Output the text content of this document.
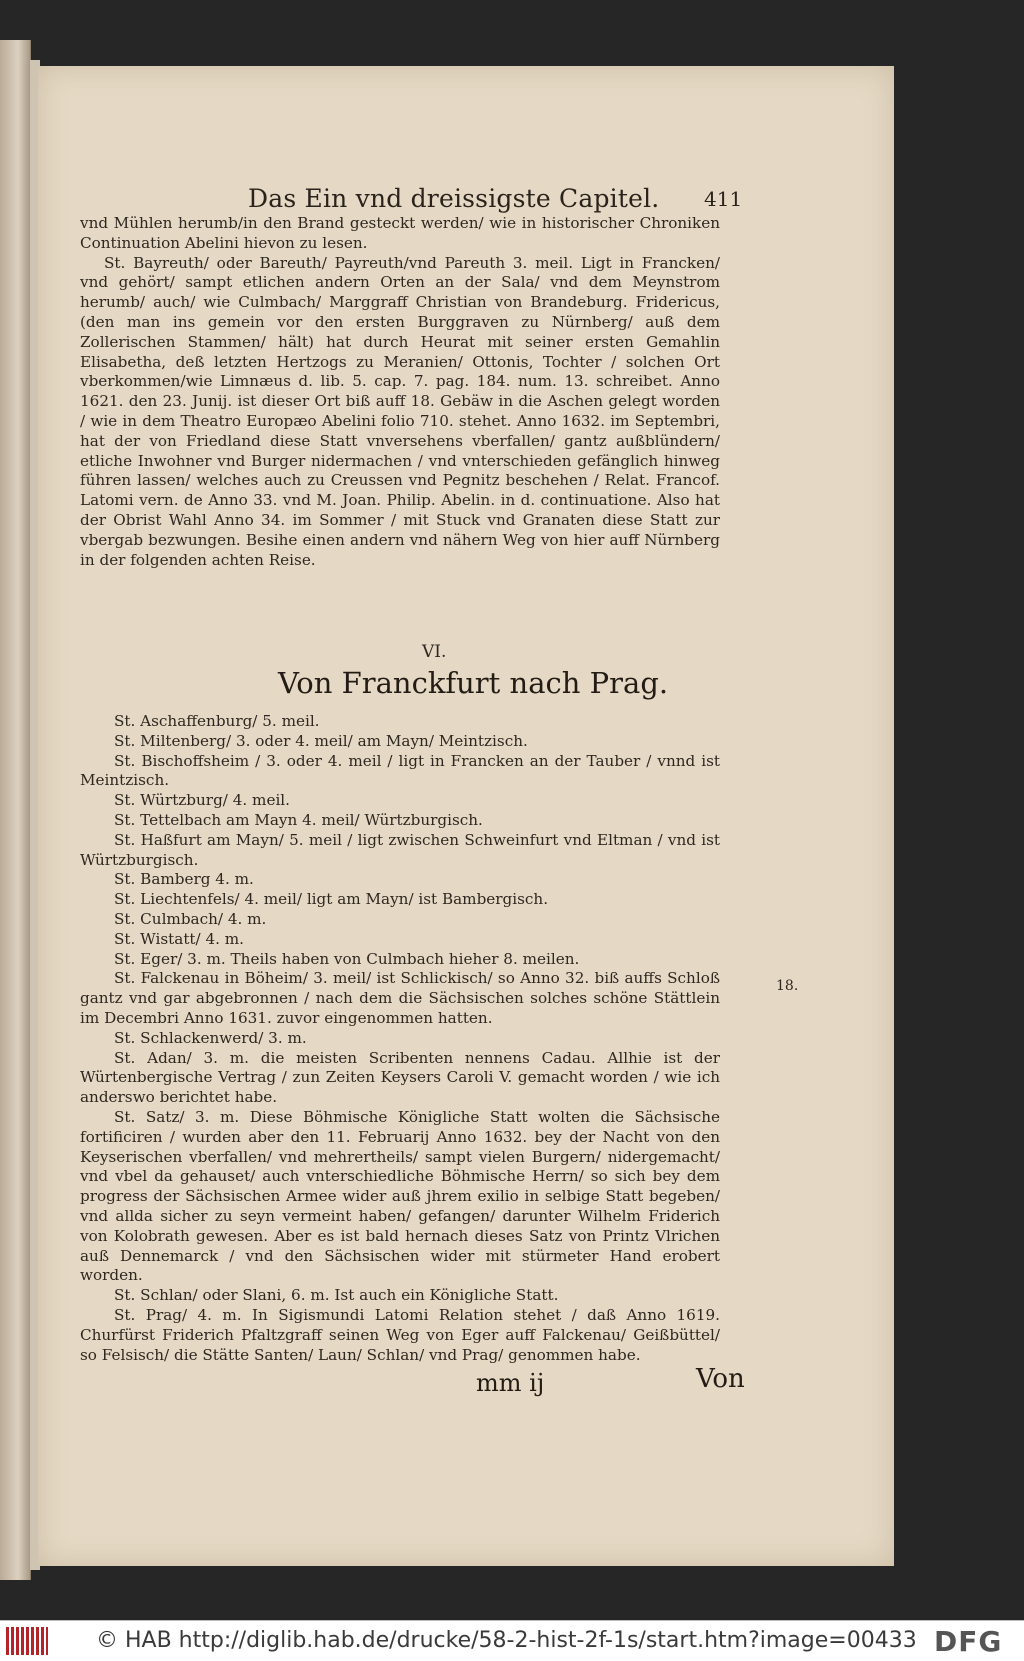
Das Ein vnd dreissigste Capitel.	411

vnd Mühlen herumb/in den Brand gesteckt werden/ wie in historischer Chroniken Continuation Abelini hievon zu lesen.

St. Bayreuth/ oder Bareuth/ Payreuth/vnd Pareuth 3. meil. Ligt in Francken/ vnd gehört/ sampt etlichen andern Orten an der Sala/ vnd dem Meynstrom herumb/ auch/ wie Culmbach/ Marggraff Christian von Brandeburg. Fridericus, (den man ins gemein vor den ersten Burggraven zu Nürnberg/ auß dem Zollerischen Stammen/ hält) hat durch Heurat mit seiner ersten Gemahlin Elisabetha, deß letzten Hertzogs zu Meranien/ Ottonis, Tochter / solchen Ort vberkommen/wie Limnæus d. lib. 5. cap. 7. pag. 184. num. 13. schreibet. Anno 1621. den 23. Junij. ist dieser Ort biß auff 18. Gebäw in die Aschen gelegt worden / wie in dem Theatro Europæo Abelini folio 710. stehet. Anno 1632. im Septembri, hat der von Friedland diese Statt vnversehens vberfallen/ gantz außblündern/ etliche Inwohner vnd Burger nidermachen / vnd vnterschieden gefänglich hinweg führen lassen/ welches auch zu Creussen vnd Pegnitz beschehen / Relat. Francof. Latomi vern. de Anno 33. vnd M. Joan. Philip. Abelin. in d. continuatione. Also hat der Obrist Wahl Anno 34. im Sommer / mit Stuck vnd Granaten diese Statt zur vbergab bezwungen. Besihe einen andern vnd nähern Weg von hier auff Nürnberg in der folgenden achten Reise.

VI.
Von Franckfurt nach Prag.

St. Aschaffenburg/ 5. meil.

St. Miltenberg/ 3. oder 4. meil/ am Mayn/ Meintzisch.

St. Bischoffsheim / 3. oder 4. meil / ligt in Francken an der Tauber / vnnd ist Meintzisch.

St. Würtzburg/ 4. meil.

St. Tettelbach am Mayn 4. meil/ Würtzburgisch.

St. Haßfurt am Mayn/ 5. meil / ligt zwischen Schweinfurt vnd Eltman / vnd ist Würtzburgisch.

St. Bamberg 4. m.

St. Liechtenfels/ 4. meil/ ligt am Mayn/ ist Bambergisch.

St. Culmbach/ 4. m.

St. Wistatt/ 4. m.

St. Eger/ 3. m. Theils haben von Culmbach hieher 8. meilen.

St. Falckenau in Böheim/ 3. meil/ ist Schlickisch/ so Anno 32. biß auffs Schloß gantz vnd gar abgebronnen / nach dem die Sächsischen solches schöne Stättlein im Decembri Anno 1631. zuvor eingenommen hatten.

St. Schlackenwerd/ 3. m.

St. Adan/ 3. m. die meisten Scribenten nennens Cadau. Allhie ist der Würtenbergische Vertrag / zun Zeiten Keysers Caroli V. gemacht worden / wie ich anderswo berichtet habe.

St. Satz/ 3. m. Diese Böhmische Königliche Statt wolten die Sächsische fortificiren / wurden aber den 11. Februarij Anno 1632. bey der Nacht von den Keyserischen vberfallen/ vnd mehrertheils/ sampt vielen Burgern/ nidergemacht/ vnd vbel da gehauset/ auch vnterschiedliche Böhmische Herrn/ so sich bey dem progress der Sächsischen Armee wider auß jhrem exilio in selbige Statt begeben/ vnd allda sicher zu seyn vermeint haben/ gefangen/ darunter Wilhelm Friderich von Kolobrath gewesen. Aber es ist bald hernach dieses Satz von Printz Vlrichen auß Dennemarck / vnd den Sächsischen wider mit stürmeter Hand erobert worden.

St. Schlan/ oder Slani, 6. m. Ist auch ein Königliche Statt.

St. Prag/ 4. m. In Sigismundi Latomi Relation stehet / daß Anno 1619. Churfürst Friderich Pfaltzgraff seinen Weg von Eger auff Falckenau/ Geißbüttel/ so Felsisch/ die Stätte Santen/ Laun/ Schlan/ vnd Prag/ genommen habe.

18.
mm ij	Von
© HAB http://diglib.hab.de/drucke/58-2-hist-2f-1s/start.htm?image=00433 DFG
